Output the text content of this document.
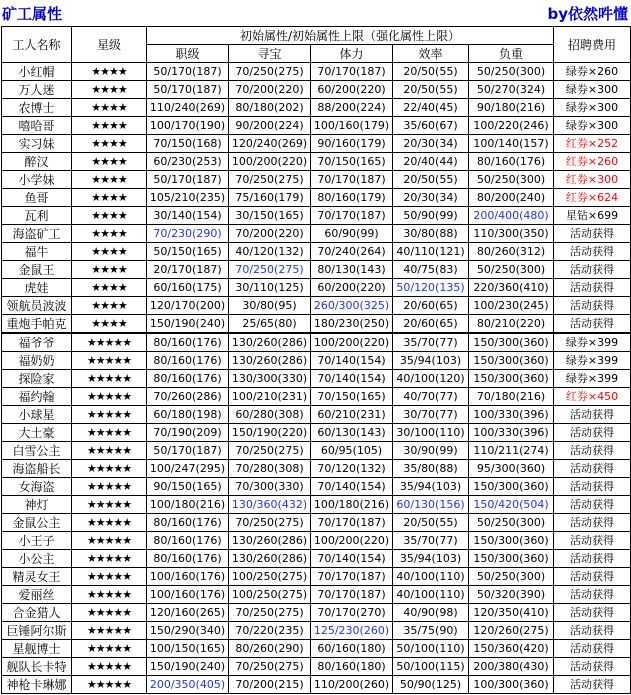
矿工属性	by依然吽懂
工人名称	星级	初始属性/初始属性上限（强化属性上限）					招聘费用
		职级	寻宝	体力	效率	负重	
小红帽	★★★★	50/170(187)	70/250(275)	70/170(187)	20/50(55)	50/250(300)	绿券×260
万人迷	★★★★	50/170(187)	70/200(220)	60/200(220)	20/50(55)	50/270(324)	绿券×300
农博士	★★★★	110/240(269)	80/180(202)	88/200(224)	22/40(45)	90/180(216)	绿券×300
嘻哈哥	★★★★	100/170(190)	90/200(224)	100/160(179)	35/60(67)	100/220(246)	绿券×300
实习妹	★★★★	70/150(168)	120/240(269)	90/160(179)	20/30(34)	100/140(157)	红券×252
醉汉	★★★★	60/230(253)	100/200(220)	70/150(165)	20/40(44)	80/160(176)	红券×260
小学妹	★★★★	50/170(187)	70/250(275)	70/170(187)	20/50(55)	50/250(300)	红券×300
鱼哥	★★★★	105/210(235)	75/160(179)	80/160(179)	20/30(34)	80/200(240)	红券×624
瓦利	★★★★	30/140(154)	30/150(165)	70/170(187)	50/90(99)	200/400(480)	星钻×699
海盗矿工	★★★★	70/230(290)	70/200(220)	60/90(99)	30/80(88)	110/300(350)	活动获得
福牛	★★★★	50/150(165)	40/120(132)	70/240(264)	40/110(121)	80/260(312)	活动获得
金鼠王	★★★★	20/170(187)	70/250(275)	80/130(143)	40/75(83)	50/250(300)	活动获得
虎娃	★★★★	60/160(175)	30/110(125)	60/200(220)	50/120(135)	220/360(410)	活动获得
领航员波波	★★★★	120/170(200)	30/80(95)	260/300(325)	20/60(65)	100/230(245)	活动获得
重炮手帕克	★★★★	150/190(240)	25/65(80)	180/230(250)	20/60(65)	80/210(220)	活动获得
福爷爷	★★★★★	80/160(176)	130/260(286)	100/200(220)	35/70(77)	150/300(360)	绿券×399
福奶奶	★★★★★	80/160(176)	130/260(286)	70/140(154)	35/94(103)	150/300(360)	绿券×399
探险家	★★★★★	80/160(176)	130/300(330)	70/140(154)	40/100(120)	150/300(360)	绿券×399
福约翰	★★★★★	70/260(286)	100/210(231)	70/150(165)	40/70(77)	70/180(216)	红券×450
小球星	★★★★★	60/180(198)	60/280(308)	60/210(231)	30/70(77)	100/330(396)	活动获得
大土豪	★★★★★	70/190(209)	150/190(220)	60/130(143)	30/100(110)	100/330(396)	活动获得
白雪公主	★★★★★	50/170(187)	70/250(275)	60/95(105)	30/90(99)	110/211(274)	活动获得
海盗船长	★★★★★	100/247(295)	70/280(308)	70/120(132)	35/80(88)	95/300(360)	活动获得
女海盗	★★★★★	90/150(165)	70/300(330)	70/140(154)	35/94(103)	150/300(360)	活动获得
神灯	★★★★★	100/180(216)	130/360(432)	100/180(216)	60/130(156)	150/420(504)	活动获得
金鼠公主	★★★★★	80/160(176)	70/250(275)	70/170(187)	20/50(55)	50/250(300)	活动获得
小王子	★★★★★	80/160(176)	130/260(286)	100/200(220)	35/70(77)	150/300(360)	活动获得
小公主	★★★★★	80/160(176)	130/260(286)	70/140(154)	35/94(103)	150/300(360)	活动获得
精灵女王	★★★★★	100/160(176)	100/250(275)	70/170(187)	40/100(110)	50/250(300)	活动获得
爱丽丝	★★★★★	100/160(176)	100/250(275)	70/170(187)	40/100(110)	50/320(390)	活动获得
合金猎人	★★★★★	120/160(265)	70/250(275)	70/170(270)	40/90(98)	120/350(410)	活动获得
巨锤阿尔斯	★★★★★	150/290(340)	70/220(235)	125/230(260)	35/75(90)	120/260(275)	活动获得
星舰博士	★★★★★	100/150(165)	80/260(290)	60/160(180)	50/100(110)	150/360(420)	活动获得
舰队长卡特	★★★★★	150/190(240)	70/250(275)	80/160(180)	50/100(115)	200/380(430)	活动获得
神枪卡琳娜	★★★★★	200/350(405)	70/200(215)	110/200(260)	50/90(125)	100/300(360)	活动获得
